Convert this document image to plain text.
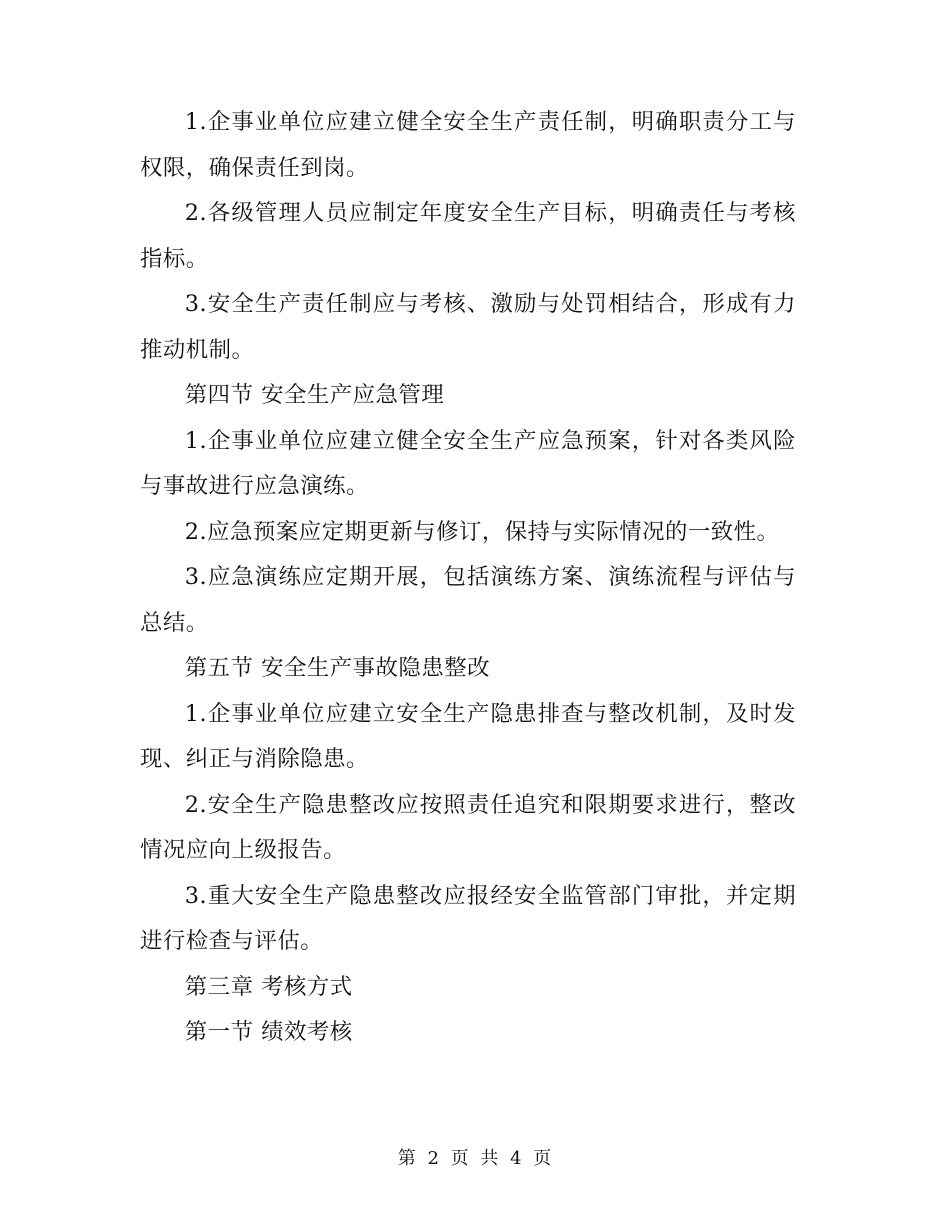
1.企事业单位应建立健全安全生产责任制，明确职责分工与权限，确保责任到岗。

2.各级管理人员应制定年度安全生产目标，明确责任与考核指标。

3.安全生产责任制应与考核、激励与处罚相结合，形成有力推动机制。

第四节 安全生产应急管理

1.企事业单位应建立健全安全生产应急预案，针对各类风险与事故进行应急演练。

2.应急预案应定期更新与修订，保持与实际情况的一致性。

3.应急演练应定期开展，包括演练方案、演练流程与评估与总结。

第五节 安全生产事故隐患整改

1.企事业单位应建立安全生产隐患排查与整改机制，及时发现、纠正与消除隐患。

2.安全生产隐患整改应按照责任追究和限期要求进行，整改情况应向上级报告。

3.重大安全生产隐患整改应报经安全监管部门审批，并定期进行检查与评估。

第三章 考核方式

第一节 绩效考核

第 2 页 共 4 页
